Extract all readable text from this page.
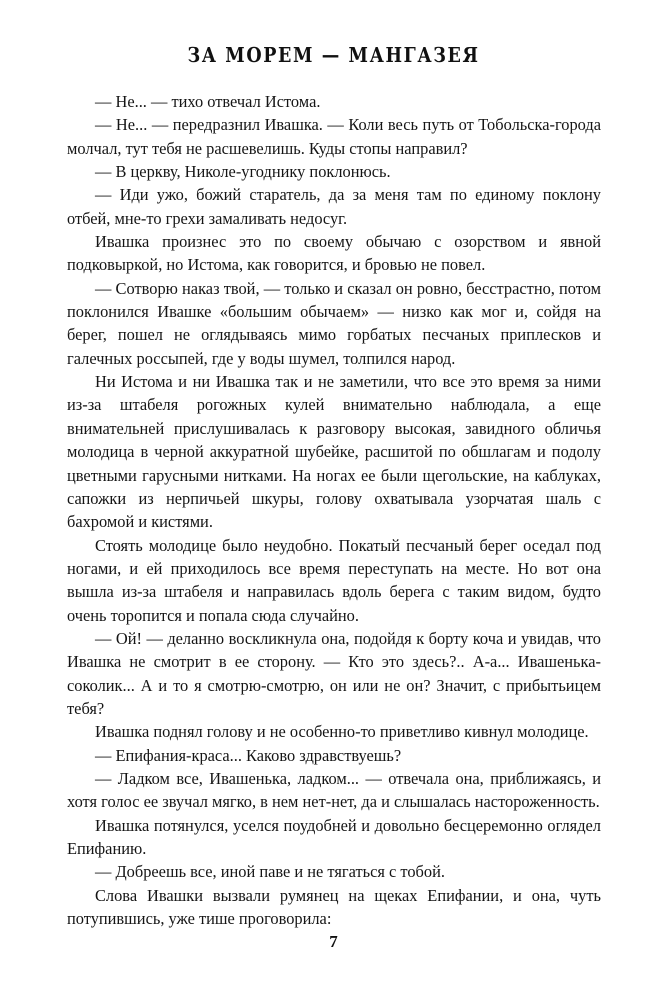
ЗА МОРЕМ — МАНГАЗЕЯ

— Не... — тихо отвечал Истома.

— Не... — передразнил Ивашка. — Коли весь путь от Тобольска-города молчал, тут тебя не расшевелишь. Куды стопы направил?

— В церкву, Николе-угоднику поклонюсь.

— Иди ужо, божий старатель, да за меня там по единому поклону отбей, мне-то грехи замаливать недосуг.

Ивашка произнес это по своему обычаю с озорством и явной подковыркой, но Истома, как говорится, и бровью не повел.

— Сотворю наказ твой, — только и сказал он ровно, бесстрастно, потом поклонился Ивашке «большим обычаем» — низко как мог и, сойдя на берег, пошел не оглядываясь мимо горбатых песчаных приплесков и галечных россыпей, где у воды шумел, толпился народ.

Ни Истома и ни Ивашка так и не заметили, что все это время за ними из-за штабеля рогожных кулей внимательно наблюдала, а еще внимательней прислушивалась к разговору высокая, завидного обличья молодица в черной аккуратной шубейке, расшитой по обшлагам и подолу цветными гарусными нитками. На ногах ее были щегольские, на каблуках, сапожки из нерпичьей шкуры, голову охватывала узорчатая шаль с бахромой и кистями.

Стоять молодице было неудобно. Покатый песчаный берег оседал под ногами, и ей приходилось все время переступать на месте. Но вот она вышла из-за штабеля и направилась вдоль берега с таким видом, будто очень торопится и попала сюда случайно.

— Ой! — деланно воскликнула она, подойдя к борту коча и увидав, что Ивашка не смотрит в ее сторону. — Кто это здесь?.. А-а... Ивашенька-соколик... А и то я смотрю-смотрю, он или не он? Значит, с прибытьицем тебя?

Ивашка поднял голову и не особенно-то приветливо кивнул молодице.

— Епифания-краса... Каково здравствуешь?

— Ладком все, Ивашенька, ладком... — отвечала она, приближаясь, и хотя голос ее звучал мягко, в нем нет-нет, да и слышалась настороженность.

Ивашка потянулся, уселся поудобней и довольно бесцеремонно оглядел Епифанию.

— Добреешь все, иной паве и не тягаться с тобой.

Слова Ивашки вызвали румянец на щеках Епифании, и она, чуть потупившись, уже тише проговорила:

7
